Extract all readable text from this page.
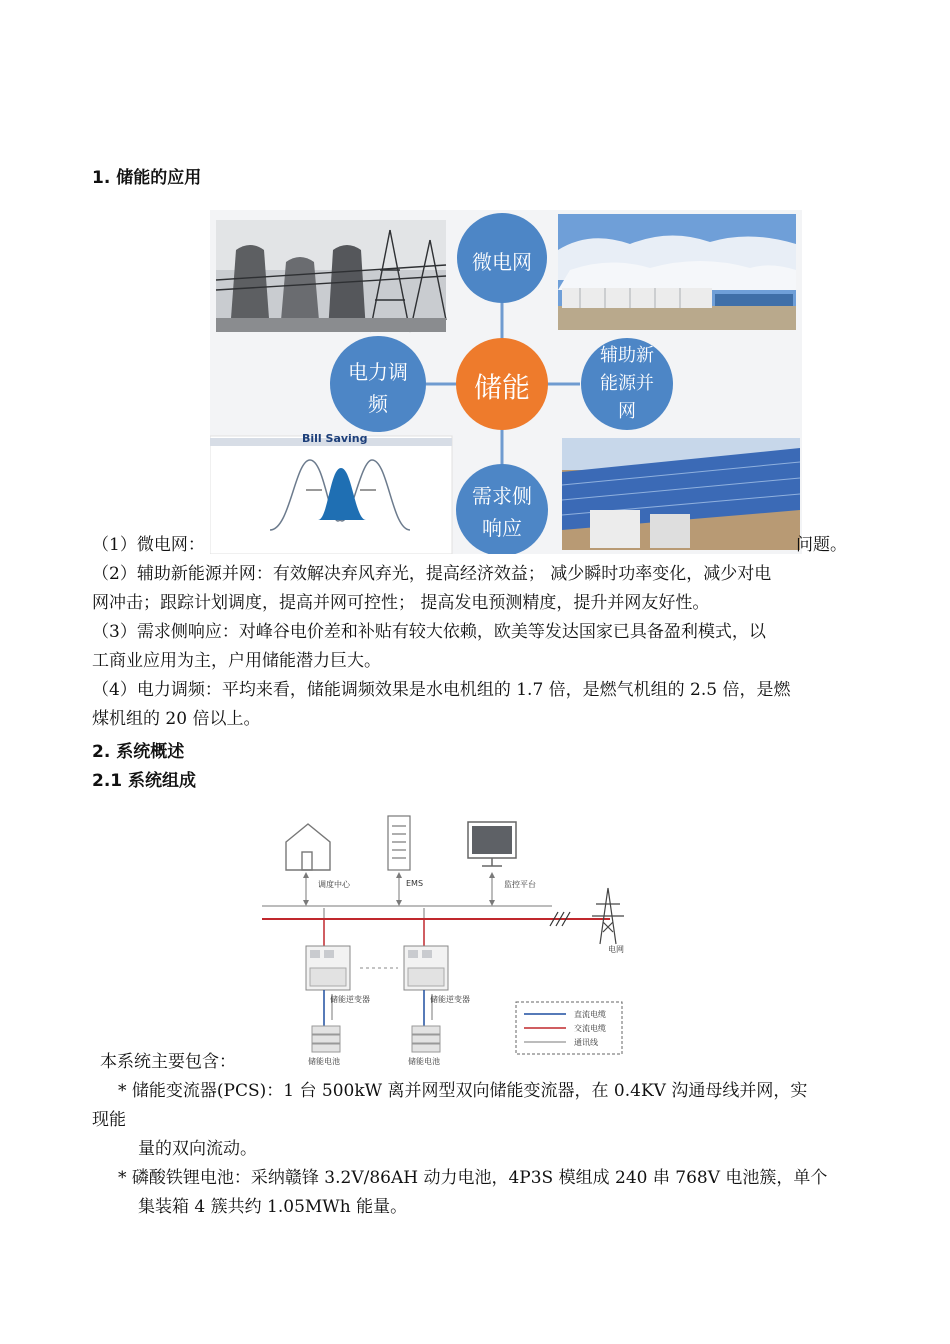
1. 储能的应用
微电网
储能
电力调
频
辅助新
能源并
网
需求侧
响应
Bill Saving
（1）微电网：	问题。
（2）辅助新能源并网：有效解决弃风弃光，提高经济效益； 减少瞬时功率变化，减少对电
网冲击；跟踪计划调度，提高并网可控性； 提高发电预测精度，提升并网友好性。
（3）需求侧响应：对峰谷电价差和补贴有较大依赖，欧美等发达国家已具备盈利模式，以
工商业应用为主，户用储能潜力巨大。
（4）电力调频：平均来看，储能调频效果是水电机组的 1.7 倍，是燃气机组的 2.5 倍，是燃
煤机组的 20 倍以上。
2. 系统概述
2.1 系统组成
调度中心	EMS	监控平台
电网
储能逆变器	储能逆变器
储能电池	储能电池
直流电缆
交流电缆
通讯线
本系统主要包含：
* 储能变流器(PCS)：1 台 500kW 离并网型双向储能变流器，在 0.4KV 沟通母线并网，实
现能
量的双向流动。
* 磷酸铁锂电池：采纳赣锋 3.2V/86AH 动力电池，4P3S 模组成 240 串 768V 电池簇，单个
集装箱 4 簇共约 1.05MWh 能量。
